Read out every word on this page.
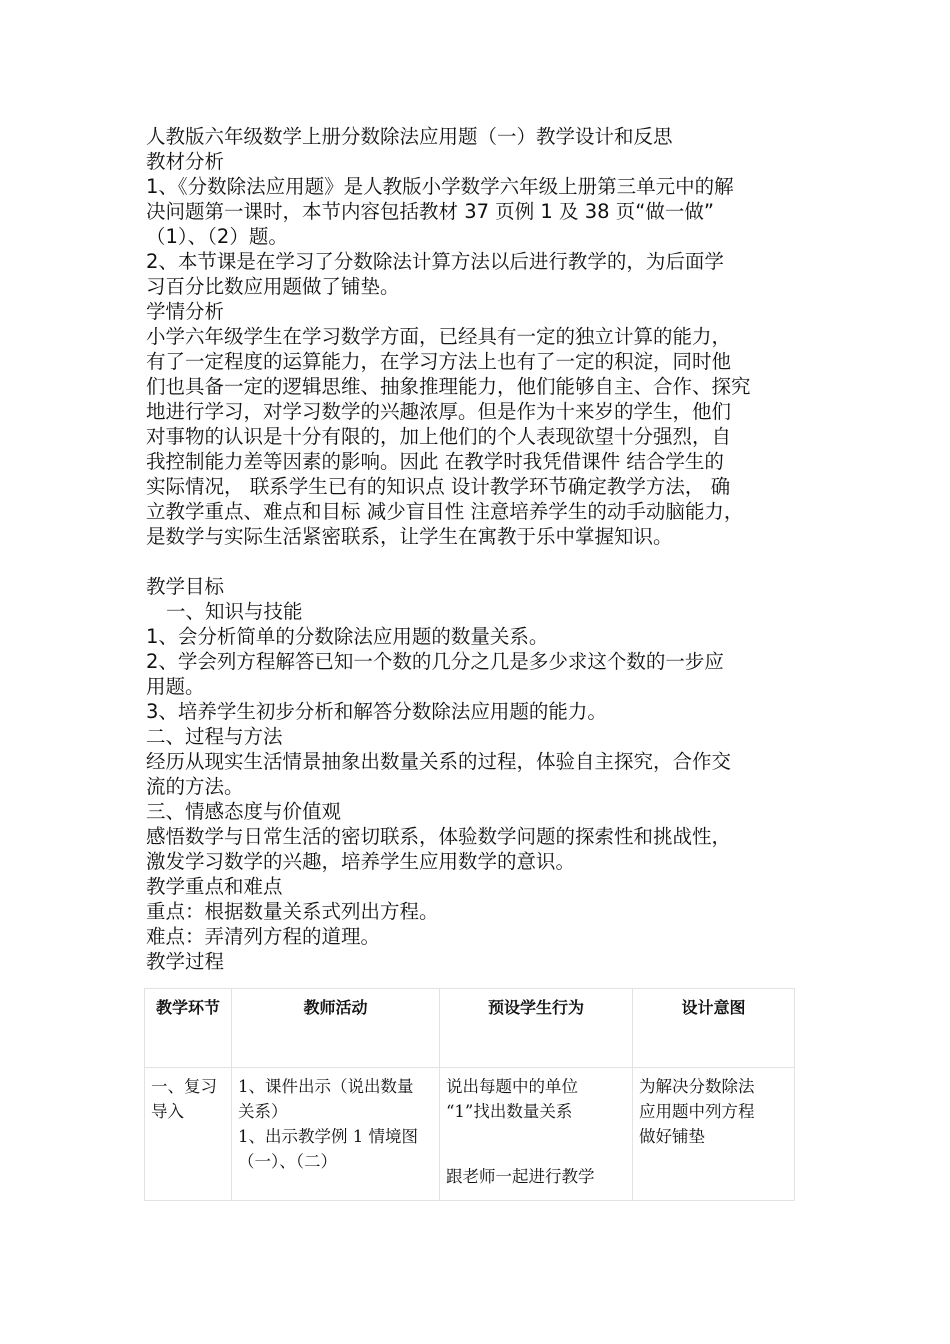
人教版六年级数学上册分数除法应用题（一）教学设计和反思
教材分析
1、《分数除法应用题》是人教版小学数学六年级上册第三单元中的解
决问题第一课时，本节内容包括教材 37 页例 1 及 38 页“做一做”
（1）、（2）题。
2、本节课是在学习了分数除法计算方法以后进行教学的，为后面学
习百分比数应用题做了铺垫。
学情分析
小学六年级学生在学习数学方面，已经具有一定的独立计算的能力，
有了一定程度的运算能力，在学习方法上也有了一定的积淀，同时他
们也具备一定的逻辑思维、抽象推理能力，他们能够自主、合作、探究
地进行学习，对学习数学的兴趣浓厚。但是作为十来岁的学生，他们
对事物的认识是十分有限的，加上他们的个人表现欲望十分强烈，自
我控制能力差等因素的影响。因此 在教学时我凭借课件 结合学生的
实际情况， 联系学生已有的知识点 设计教学环节确定教学方法， 确
立教学重点、难点和目标 减少盲目性 注意培养学生的动手动脑能力，
是数学与实际生活紧密联系，让学生在寓教于乐中掌握知识。
教学目标
一、知识与技能
1、会分析简单的分数除法应用题的数量关系。
2、学会列方程解答已知一个数的几分之几是多少求这个数的一步应
用题。
3、培养学生初步分析和解答分数除法应用题的能力。
二、过程与方法
经历从现实生活情景抽象出数量关系的过程，体验自主探究，合作交
流的方法。
三、情感态度与价值观
感悟数学与日常生活的密切联系，体验数学问题的探索性和挑战性，
激发学习数学的兴趣，培养学生应用数学的意识。
教学重点和难点
重点：根据数量关系式列出方程。
难点：弄清列方程的道理。
教学过程
教学环节	教师活动	预设学生行为	设计意图

一、复习
导入	1、课件出示（说出数量
关系）
1、出示教学例 1 情境图
（一）、（二）	说出每题中的单位
“1”找出数量关系
跟老师一起进行教学	为解决分数除法
应用题中列方程
做好铺垫
